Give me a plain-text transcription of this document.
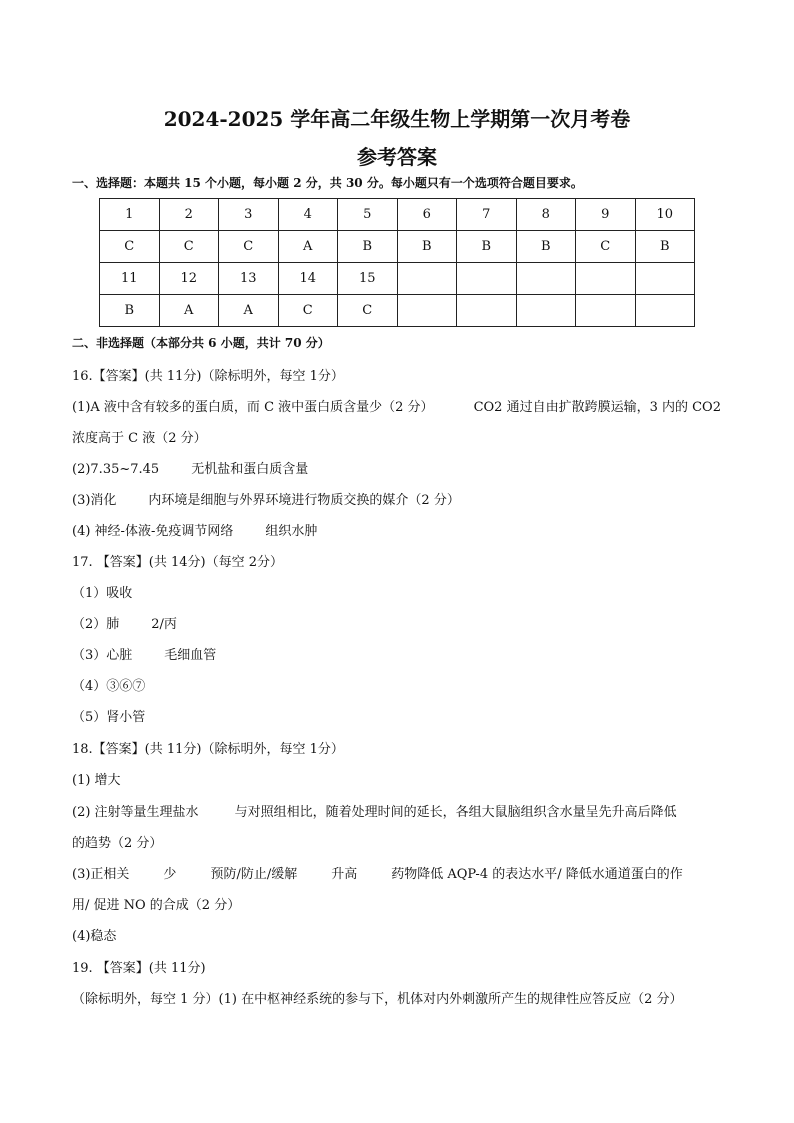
2024-2025 学年高二年级生物上学期第一次月考卷
参考答案
一、选择题：本题共 15 个小题，每小题 2 分，共 30 分。每小题只有一个选项符合题目要求。
1	2	3	4	5	6	7	8	9	10
C	C	C	A	B	B	B	B	C	B
11	12	13	14	15					
B	A	A	C	C					
二、非选择题（本部分共 6 小题，共计 70 分）
16.【答案】(共 11分)（除标明外，每空 1分）
(1)A 液中含有较多的蛋白质，而 C 液中蛋白质含量少（2 分）	CO2 通过自由扩散跨膜运输，3 内的 CO2
浓度高于 C 液（2 分）
(2)7.35~7.45 无机盐和蛋白质含量
(3)消化 内环境是细胞与外界环境进行物质交换的媒介（2 分）
(4) 神经-体液-免疫调节网络 组织水肿
17. 【答案】(共 14分)（每空 2分）
（1）吸收
（2）肺 2/丙
（3）心脏 毛细血管
（4）③⑥⑦
（5）肾小管
18.【答案】(共 11分)（除标明外，每空 1分）
(1) 增大
(2) 注射等量生理盐水	与对照组相比，随着处理时间的延长，各组大鼠脑组织含水量呈先升高后降低
的趋势（2 分）
(3)正相关	少	预防/防止/缓解	升高	药物降低 AQP-4 的表达水平/ 降低水通道蛋白的作
用/ 促进 NO 的合成（2 分）
(4)稳态
19. 【答案】(共 11分)
（除标明外，每空 1 分）(1) 在中枢神经系统的参与下，机体对内外刺激所产生的规律性应答反应（2 分）
